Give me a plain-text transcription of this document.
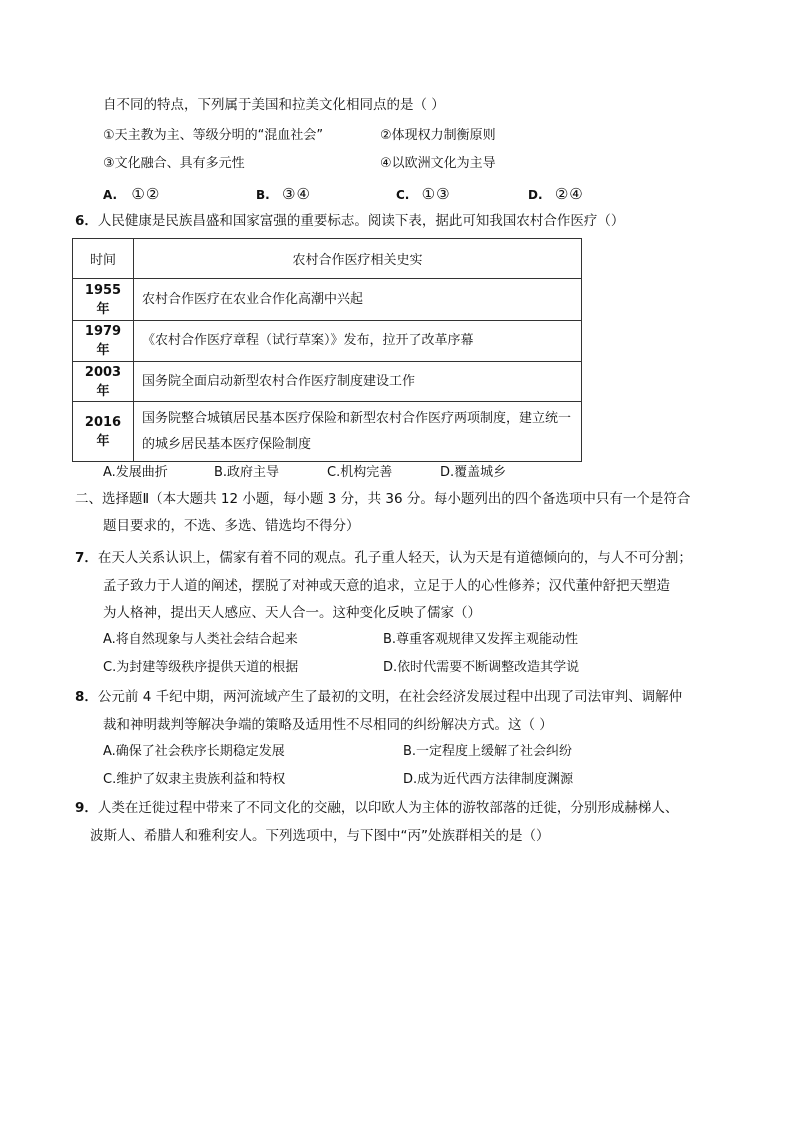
自不同的特点，下列属于美国和拉美文化相同点的是（ ）
①天主教为主、等级分明的“混血社会”	②体现权力制衡原则
③文化融合、具有多元性	④以欧洲文化为主导
A. ①②	B. ③④	C. ①③	D. ②④
6．人民健康是民族昌盛和国家富强的重要标志。阅读下表，据此可知我国农村合作医疗（）
时间	农村合作医疗相关史实
1955 年	农村合作医疗在农业合作化高潮中兴起
1979 年	《农村合作医疗章程（试行草案）》发布，拉开了改革序幕
2003 年	国务院全面启动新型农村合作医疗制度建设工作
2016 年	国务院整合城镇居民基本医疗保险和新型农村合作医疗两项制度，建立统一的城乡居民基本医疗保险制度
A.发展曲折	B.政府主导	C.机构完善	D.覆盖城乡
二、选择题Ⅱ（本大题共 12 小题，每小题 3 分，共 36 分。每小题列出的四个备选项中只有一个是符合
题目要求的，不选、多选、错选均不得分）
7．在天人关系认识上，儒家有着不同的观点。孔子重人轻天，认为天是有道德倾向的，与人不可分割；
孟子致力于人道的阐述，摆脱了对神或天意的追求，立足于人的心性修养；汉代董仲舒把天塑造
为人格神，提出天人感应、天人合一。这种变化反映了儒家（）
A.将自然现象与人类社会结合起来	B.尊重客观规律又发挥主观能动性
C.为封建等级秩序提供天道的根据	D.依时代需要不断调整改造其学说
8．公元前 4 千纪中期，两河流域产生了最初的文明，在社会经济发展过程中出现了司法审判、调解仲
裁和神明裁判等解决争端的策略及适用性不尽相同的纠纷解决方式。这（ ）
A.确保了社会秩序长期稳定发展	B.一定程度上缓解了社会纠纷
C.维护了奴隶主贵族利益和特权	D.成为近代西方法律制度渊源
9．人类在迁徙过程中带来了不同文化的交融，以印欧人为主体的游牧部落的迁徙，分别形成赫梯人、
波斯人、希腊人和雅利安人。下列选项中，与下图中“丙”处族群相关的是（）
